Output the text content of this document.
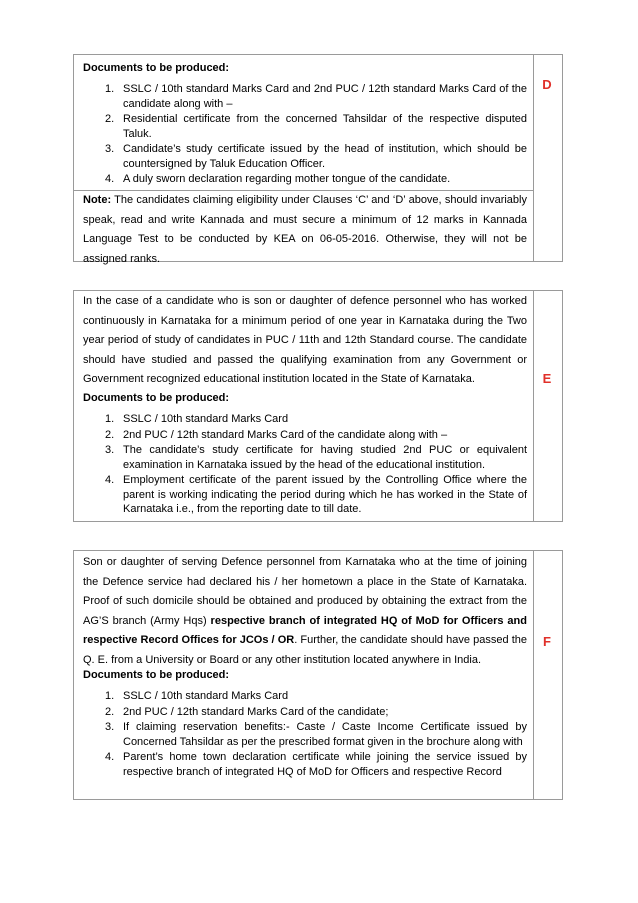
Documents to be produced:

1. SSLC / 10th standard Marks Card and 2nd PUC / 12th standard Marks Card of the candidate along with –
2. Residential certificate from the concerned Tahsildar of the respective disputed Taluk.
3. Candidate’s study certificate issued by the head of institution, which should be countersigned by Taluk Education Officer.
4. A duly sworn declaration regarding mother tongue of the candidate.

Note: The candidates claiming eligibility under Clauses ‘C’ and ‘D’ above, should invariably speak, read and write Kannada and must secure a minimum of 12 marks in Kannada Language Test to be conducted by KEA on 06-05-2016. Otherwise, they will not be assigned ranks.

D

In the case of a candidate who is son or daughter of defence personnel who has worked continuously in Karnataka for a minimum period of one year in Karnataka during the Two year period of study of candidates in PUC / 11th and 12th Standard course. The candidate should have studied and passed the qualifying examination from any Government or Government recognized educational institution located in the State of Karnataka.

Documents to be produced:

1. SSLC / 10th standard Marks Card
2. 2nd PUC / 12th standard Marks Card of the candidate along with –
3. The candidate’s study certificate for having studied 2nd PUC or equivalent examination in Karnataka issued by the head of the educational institution.
4. Employment certificate of the parent issued by the Controlling Office where the parent is working indicating the period during which he has worked in the State of Karnataka i.e., from the reporting date to till date.
E

Son or daughter of serving Defence personnel from Karnataka who at the time of joining the Defence service had declared his / her hometown a place in the State of Karnataka. Proof of such domicile should be obtained and produced by obtaining the extract from the AG’S branch (Army Hqs) respective branch of integrated HQ of MoD for Officers and respective Record Offices for JCOs / OR. Further, the candidate should have passed the Q. E. from a University or Board or any other institution located anywhere in India.

Documents to be produced:

1. SSLC / 10th standard Marks Card
2. 2nd PUC / 12th standard Marks Card of the candidate;
3. If claiming reservation benefits:- Caste / Caste Income Certificate issued by Concerned Tahsildar as per the prescribed format given in the brochure along with
4. Parent’s home town declaration certificate while joining the service issued by respective branch of integrated HQ of MoD for Officers and respective Record
F
